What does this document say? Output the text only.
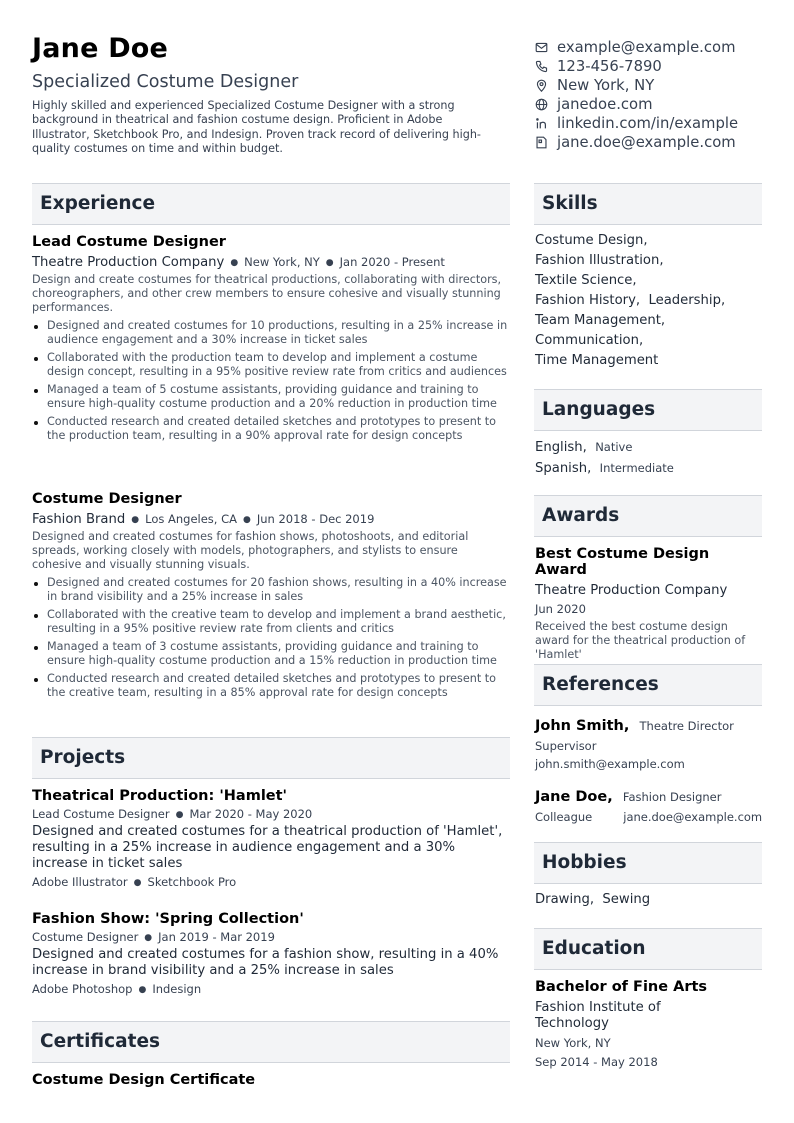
Jane Doe
Specialized Costume Designer
Highly skilled and experienced Specialized Costume Designer with a strong background in theatrical and fashion costume design. Proficient in Adobe Illustrator, Sketchbook Pro, and Indesign. Proven track record of delivering high-quality costumes on time and within budget.
example@example.com
123-456-7890
New York, NY
janedoe.com
linkedin.com/in/example
jane.doe@example.com
Experience
Lead Costume Designer
Theatre Production Company ● New York, NY ● Jan 2020 - Present
Design and create costumes for theatrical productions, collaborating with directors, choreographers, and other crew members to ensure cohesive and visually stunning performances.
Designed and created costumes for 10 productions, resulting in a 25% increase in audience engagement and a 30% increase in ticket sales
Collaborated with the production team to develop and implement a costume design concept, resulting in a 95% positive review rate from critics and audiences
Managed a team of 5 costume assistants, providing guidance and training to ensure high-quality costume production and a 20% reduction in production time
Conducted research and created detailed sketches and prototypes to present to the production team, resulting in a 90% approval rate for design concepts
Costume Designer
Fashion Brand ● Los Angeles, CA ● Jun 2018 - Dec 2019
Designed and created costumes for fashion shows, photoshoots, and editorial spreads, working closely with models, photographers, and stylists to ensure cohesive and visually stunning visuals.
Designed and created costumes for 20 fashion shows, resulting in a 40% increase in brand visibility and a 25% increase in sales
Collaborated with the creative team to develop and implement a brand aesthetic, resulting in a 95% positive review rate from clients and critics
Managed a team of 3 costume assistants, providing guidance and training to ensure high-quality costume production and a 15% reduction in production time
Conducted research and created detailed sketches and prototypes to present to the creative team, resulting in a 85% approval rate for design concepts
Projects
Theatrical Production: 'Hamlet'
Lead Costume Designer ● Mar 2020 - May 2020
Designed and created costumes for a theatrical production of 'Hamlet', resulting in a 25% increase in audience engagement and a 30% increase in ticket sales
Adobe Illustrator ● Sketchbook Pro
Fashion Show: 'Spring Collection'
Costume Designer ● Jan 2019 - Mar 2019
Designed and created costumes for a fashion show, resulting in a 40% increase in brand visibility and a 25% increase in sales
Adobe Photoshop ● Indesign
Certificates
Costume Design Certificate
Skills
Costume Design,
Fashion Illustration,
Textile Science,
Fashion History, Leadership,
Team Management,
Communication,
Time Management
Languages
English, Native
Spanish, Intermediate
Awards
Best Costume Design Award
Theatre Production Company
Jun 2020
Received the best costume design award for the theatrical production of 'Hamlet'
References
John Smith, Theatre Director
Supervisor
john.smith@example.com
Jane Doe, Fashion Designer
Colleague	jane.doe@example.com
Hobbies
Drawing, Sewing
Education
Bachelor of Fine Arts
Fashion Institute of Technology
New York, NY
Sep 2014 - May 2018
